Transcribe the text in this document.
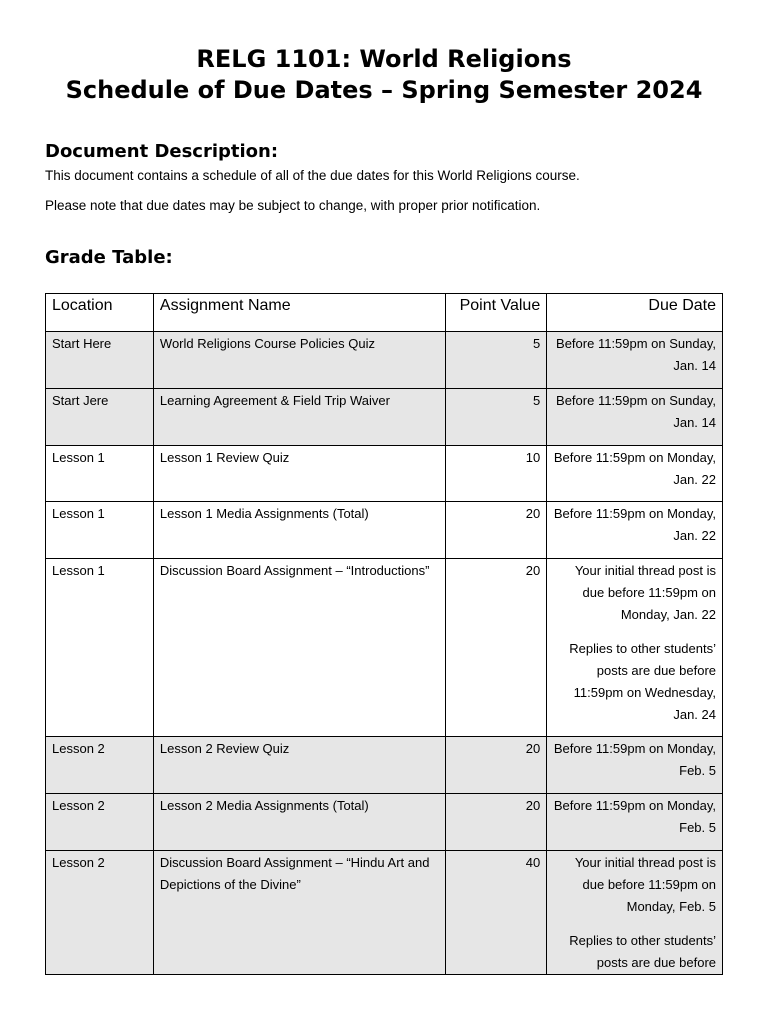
RELG 1101: World Religions
Schedule of Due Dates – Spring Semester 2024
Document Description:

This document contains a schedule of all of the due dates for this World Religions course.

Please note that due dates may be subject to change, with proper prior notification.

Grade Table:
Location	Assignment Name	Point Value	Due Date
Start Here	World Religions Course Policies Quiz	5	Before 11:59pm on Sunday, Jan. 14

Start Jere	Learning Agreement & Field Trip Waiver	5	Before 11:59pm on Sunday, Jan. 14

Lesson 1	Lesson 1 Review Quiz	10	Before 11:59pm on Monday, Jan. 22

Lesson 1	Lesson 1 Media Assignments (Total)	20	Before 11:59pm on Monday, Jan. 22

Lesson 1	Discussion Board Assignment – “Introductions”	20	Your initial thread post is due before 11:59pm on Monday, Jan. 22

Replies to other students’ posts are due before 11:59pm on Wednesday, Jan. 24

Lesson 2	Lesson 2 Review Quiz	20	Before 11:59pm on Monday, Feb. 5

Lesson 2	Lesson 2 Media Assignments (Total)	20	Before 11:59pm on Monday, Feb. 5

Lesson 2	Discussion Board Assignment – “Hindu Art and Depictions of the Divine”	40	Your initial thread post is due before 11:59pm on Monday, Feb. 5

Replies to other students’ posts are due before
